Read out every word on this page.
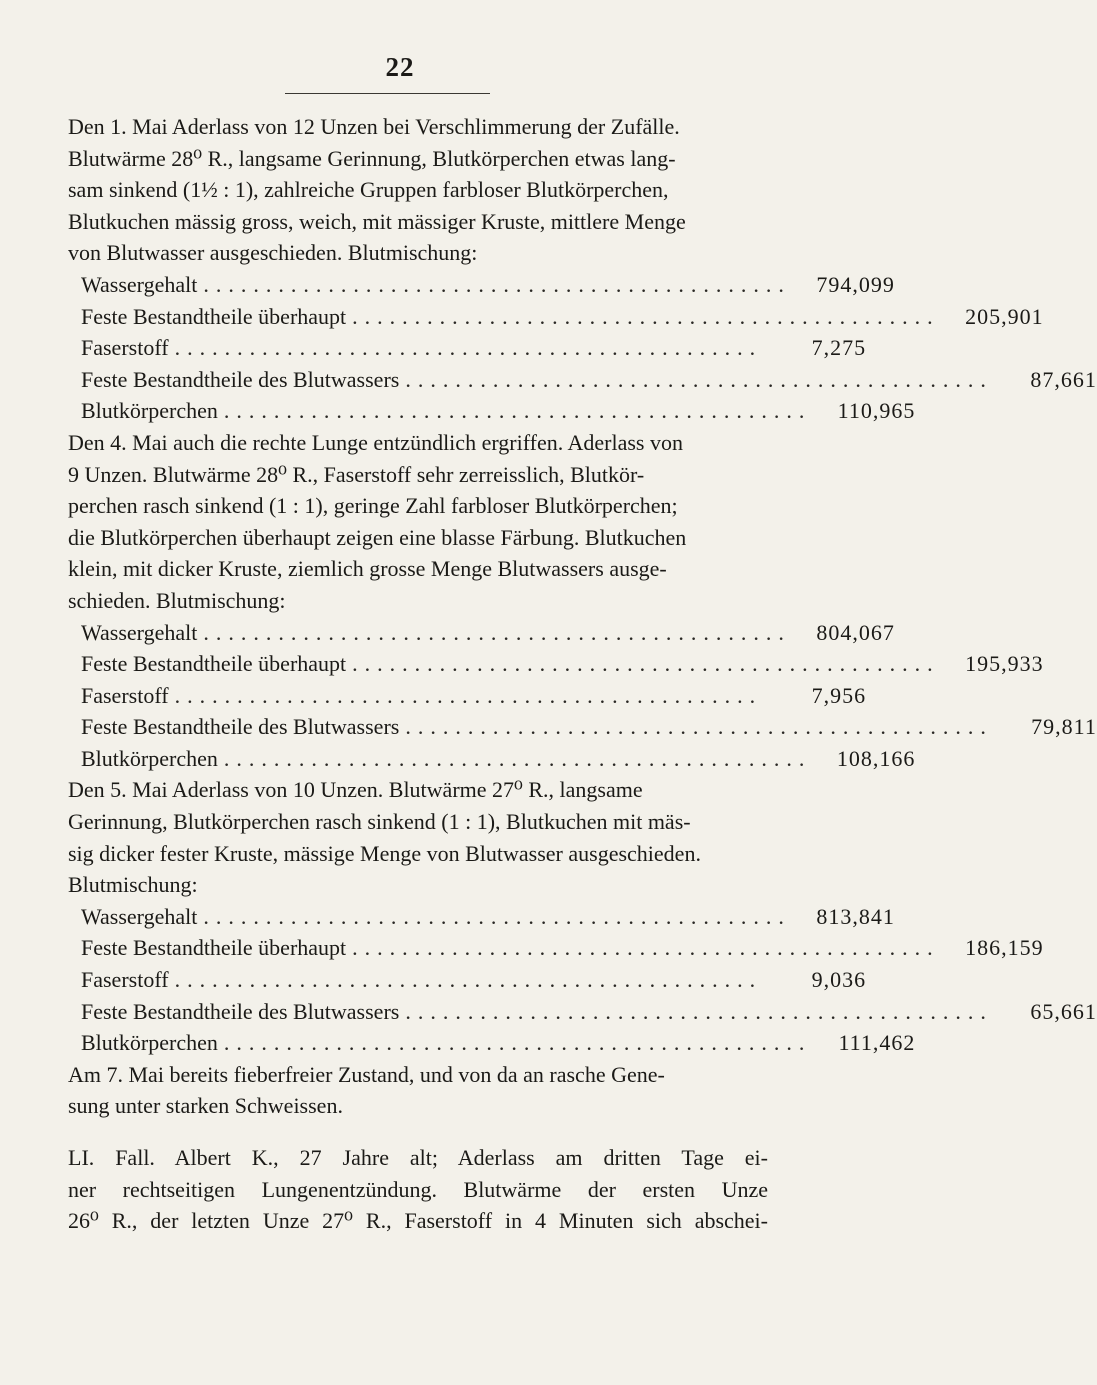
22

Den 1. Mai Aderlass von 12 Unzen bei Verschlimmerung der Zufälle.
Blutwärme 28⁰ R., langsame Gerinnung, Blutkörperchen etwas lang-
sam sinkend (1½ : 1), zahlreiche Gruppen farbloser Blutkörperchen,
Blutkuchen mässig gross, weich, mit mässiger Kruste, mittlere Menge
von Blutwasser ausgeschieden. Blutmischung:

Wassergehalt ...............................................	794,099
Feste Bestandtheile überhaupt ...............................................	205,901
Faserstoff ...............................................	7,275
Feste Bestandtheile des Blutwassers ...............................................	87,661
Blutkörperchen ...............................................	110,965

Den 4. Mai auch die rechte Lunge entzündlich ergriffen. Aderlass von
9 Unzen. Blutwärme 28⁰ R., Faserstoff sehr zerreisslich, Blutkör-
perchen rasch sinkend (1 : 1), geringe Zahl farbloser Blutkörperchen;
die Blutkörperchen überhaupt zeigen eine blasse Färbung. Blutkuchen
klein, mit dicker Kruste, ziemlich grosse Menge Blutwassers ausge-
schieden. Blutmischung:

Wassergehalt ...............................................	804,067
Feste Bestandtheile überhaupt ...............................................	195,933
Faserstoff ...............................................	7,956
Feste Bestandtheile des Blutwassers ...............................................	79,811
Blutkörperchen ...............................................	108,166

Den 5. Mai Aderlass von 10 Unzen. Blutwärme 27⁰ R., langsame
Gerinnung, Blutkörperchen rasch sinkend (1 : 1), Blutkuchen mit mäs-
sig dicker fester Kruste, mässige Menge von Blutwasser ausgeschieden.
Blutmischung:

Wassergehalt ...............................................	813,841
Feste Bestandtheile überhaupt ...............................................	186,159
Faserstoff ...............................................	9,036
Feste Bestandtheile des Blutwassers ...............................................	65,661
Blutkörperchen ...............................................	111,462

Am 7. Mai bereits fieberfreier Zustand, und von da an rasche Gene-
sung unter starken Schweissen.

LI. Fall. Albert K., 27 Jahre alt; Aderlass am dritten Tage ei-
ner rechtseitigen Lungenentzündung. Blutwärme der ersten Unze
26⁰ R., der letzten Unze 27⁰ R., Faserstoff in 4 Minuten sich abschei-
